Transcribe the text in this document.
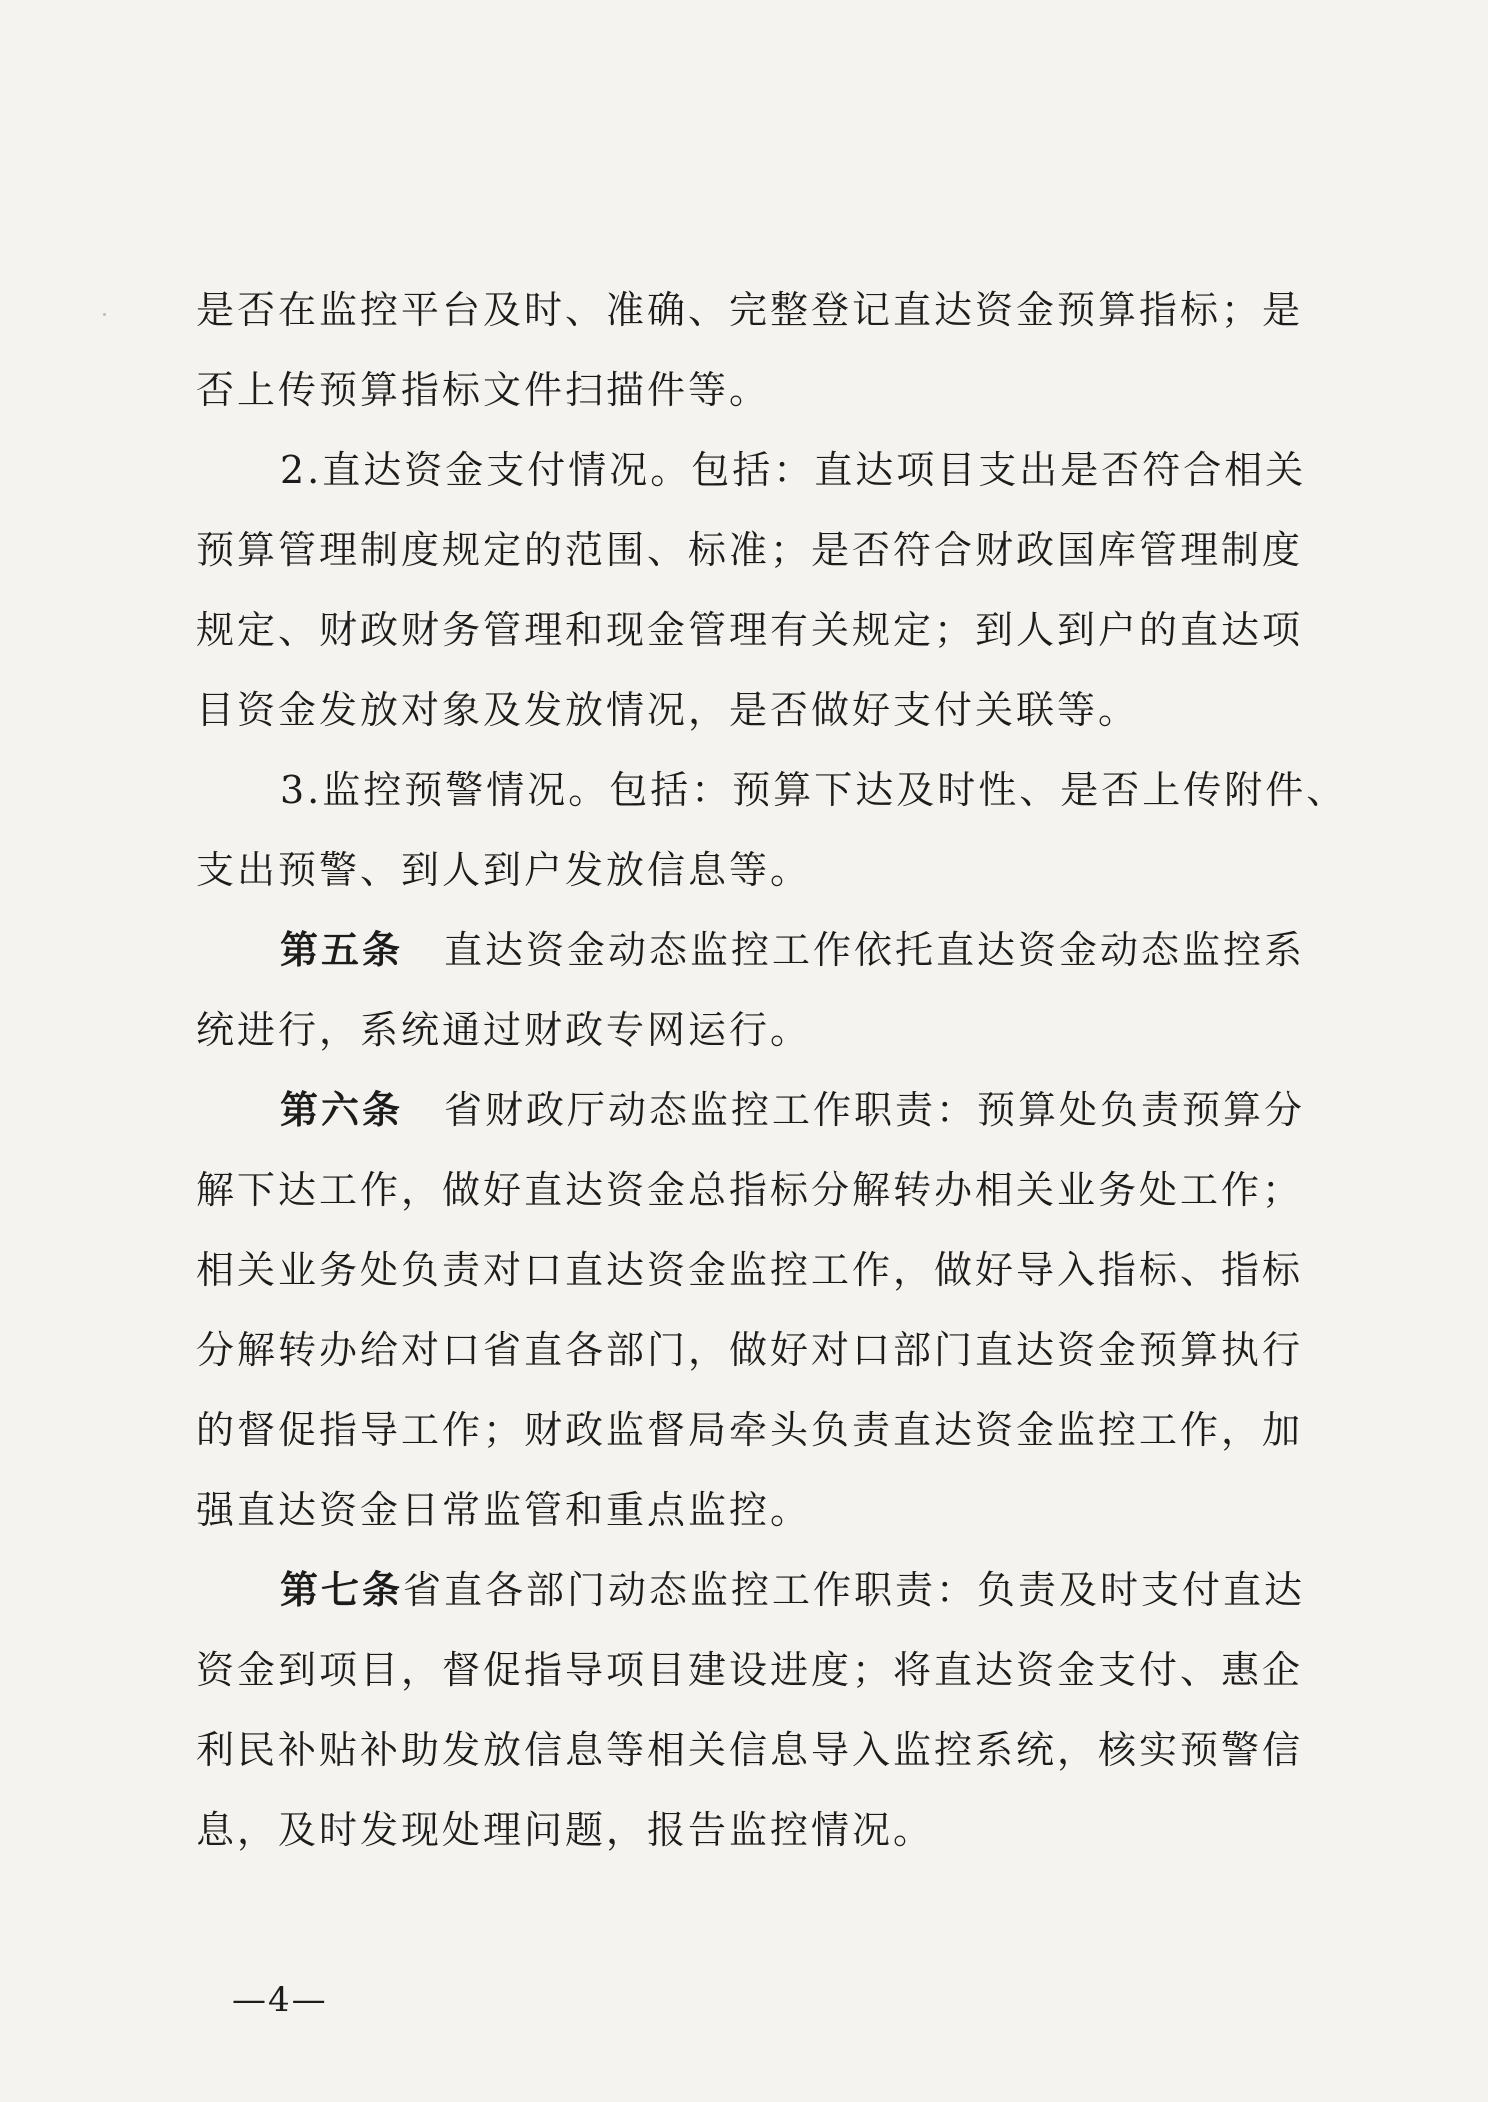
是否在监控平台及时、准确、完整登记直达资金预算指标；是
否上传预算指标文件扫描件等。
2.直达资金支付情况。包括：直达项目支出是否符合相关
预算管理制度规定的范围、标准；是否符合财政国库管理制度
规定、财政财务管理和现金管理有关规定；到人到户的直达项
目资金发放对象及发放情况，是否做好支付关联等。
3.监控预警情况。包括：预算下达及时性、是否上传附件、
支出预警、到人到户发放信息等。
第五条　直达资金动态监控工作依托直达资金动态监控系
统进行，系统通过财政专网运行。
第六条　省财政厅动态监控工作职责：预算处负责预算分
解下达工作，做好直达资金总指标分解转办相关业务处工作；
相关业务处负责对口直达资金监控工作，做好导入指标、指标
分解转办给对口省直各部门，做好对口部门直达资金预算执行
的督促指导工作；财政监督局牵头负责直达资金监控工作，加
强直达资金日常监管和重点监控。
第七条省直各部门动态监控工作职责：负责及时支付直达
资金到项目，督促指导项目建设进度；将直达资金支付、惠企
利民补贴补助发放信息等相关信息导入监控系统，核实预警信
息，及时发现处理问题，报告监控情况。
—4—
